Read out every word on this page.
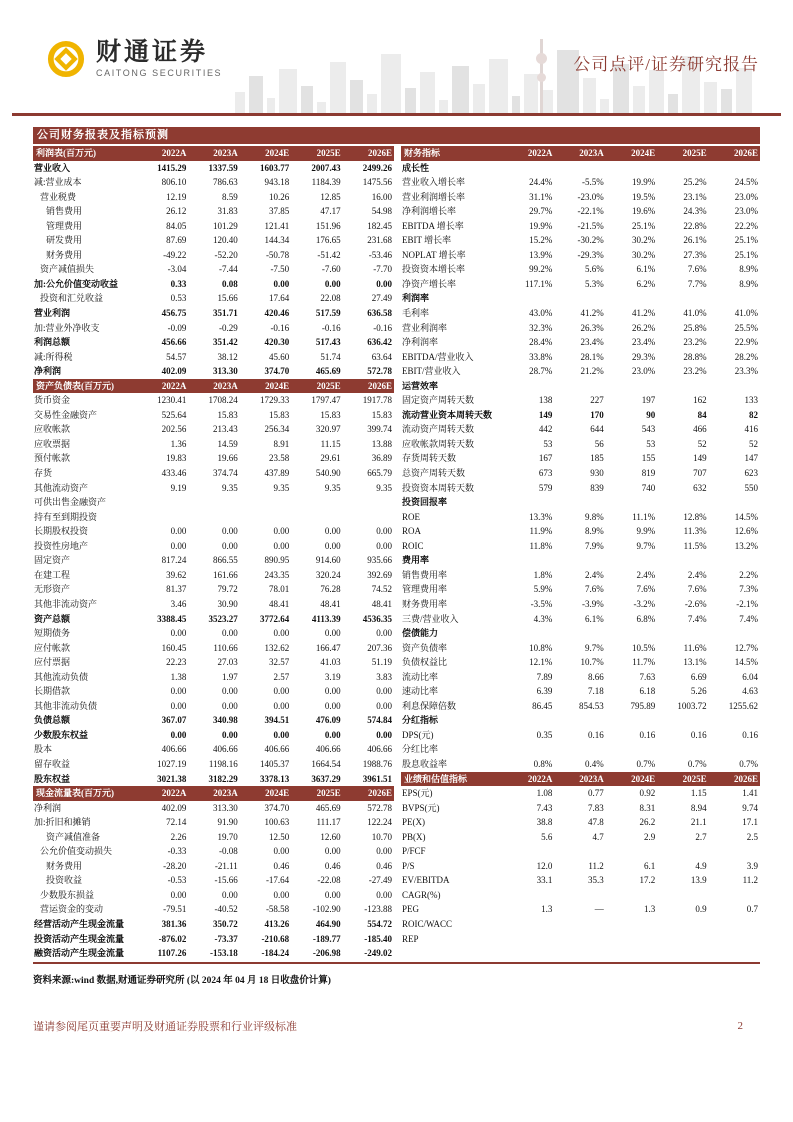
财通证券
CAITONG SECURITIES	公司点评/证券研究报告
公司财务报表及指标预测
利润表(百万元)	2022A	2023A	2024E	2025E	2026E
营业收入	1415.29	1337.59	1603.77	2007.43	2499.26
减:营业成本	806.10	786.63	943.18	1184.39	1475.56
营业税费	12.19	8.59	10.26	12.85	16.00
销售费用	26.12	31.83	37.85	47.17	54.98
管理费用	84.05	101.29	121.41	151.96	182.45
研发费用	87.69	120.40	144.34	176.65	231.68
财务费用	-49.22	-52.20	-50.78	-51.42	-53.46
资产减值损失	-3.04	-7.44	-7.50	-7.60	-7.70
加:公允价值变动收益	0.33	0.08	0.00	0.00	0.00
投资和汇兑收益	0.53	15.66	17.64	22.08	27.49
营业利润	456.75	351.71	420.46	517.59	636.58
加:营业外净收支	-0.09	-0.29	-0.16	-0.16	-0.16
利润总额	456.66	351.42	420.30	517.43	636.42
减:所得税	54.57	38.12	45.60	51.74	63.64
净利润	402.09	313.30	374.70	465.69	572.78
资产负债表(百万元)	2022A	2023A	2024E	2025E	2026E
货币资金	1230.41	1708.24	1729.33	1797.47	1917.78
交易性金融资产	525.64	15.83	15.83	15.83	15.83
应收帐款	202.56	213.43	256.34	320.97	399.74
应收票据	1.36	14.59	8.91	11.15	13.88
预付帐款	19.83	19.66	23.58	29.61	36.89
存货	433.46	374.74	437.89	540.90	665.79
其他流动资产	9.19	9.35	9.35	9.35	9.35
可供出售金融资产
持有至到期投资
长期股权投资	0.00	0.00	0.00	0.00	0.00
投资性房地产	0.00	0.00	0.00	0.00	0.00
固定资产	817.24	866.55	890.95	914.60	935.66
在建工程	39.62	161.66	243.35	320.24	392.69
无形资产	81.37	79.72	78.01	76.28	74.52
其他非流动资产	3.46	30.90	48.41	48.41	48.41
资产总额	3388.45	3523.27	3772.64	4113.39	4536.35
短期债务	0.00	0.00	0.00	0.00	0.00
应付帐款	160.45	110.66	132.62	166.47	207.36
应付票据	22.23	27.03	32.57	41.03	51.19
其他流动负债	1.38	1.97	2.57	3.19	3.83
长期借款	0.00	0.00	0.00	0.00	0.00
其他非流动负债	0.00	0.00	0.00	0.00	0.00
负债总额	367.07	340.98	394.51	476.09	574.84
少数股东权益	0.00	0.00	0.00	0.00	0.00
股本	406.66	406.66	406.66	406.66	406.66
留存收益	1027.19	1198.16	1405.37	1664.54	1988.76
股东权益	3021.38	3182.29	3378.13	3637.29	3961.51
现金流量表(百万元)	2022A	2023A	2024E	2025E	2026E
净利润	402.09	313.30	374.70	465.69	572.78
加:折旧和摊销	72.14	91.90	100.63	111.17	122.24
资产减值准备	2.26	19.70	12.50	12.60	10.70
公允价值变动损失	-0.33	-0.08	0.00	0.00	0.00
财务费用	-28.20	-21.11	0.46	0.46	0.46
投资收益	-0.53	-15.66	-17.64	-22.08	-27.49
少数股东损益	0.00	0.00	0.00	0.00	0.00
营运资金的变动	-79.51	-40.52	-58.58	-102.90	-123.88
经营活动产生现金流量	381.36	350.72	413.26	464.90	554.72
投资活动产生现金流量	-876.02	-73.37	-210.68	-189.77	-185.40
融资活动产生现金流量	1107.26	-153.18	-184.24	-206.98	-249.02
财务指标	2022A	2023A	2024E	2025E	2026E
成长性
营业收入增长率	24.4%	-5.5%	19.9%	25.2%	24.5%
营业利润增长率	31.1%	-23.0%	19.5%	23.1%	23.0%
净利润增长率	29.7%	-22.1%	19.6%	24.3%	23.0%
EBITDA 增长率	19.9%	-21.5%	25.1%	22.8%	22.2%
EBIT 增长率	15.2%	-30.2%	30.2%	26.1%	25.1%
NOPLAT 增长率	13.9%	-29.3%	30.2%	27.3%	25.1%
投资资本增长率	99.2%	5.6%	6.1%	7.6%	8.9%
净资产增长率	117.1%	5.3%	6.2%	7.7%	8.9%
利润率
毛利率	43.0%	41.2%	41.2%	41.0%	41.0%
营业利润率	32.3%	26.3%	26.2%	25.8%	25.5%
净利润率	28.4%	23.4%	23.4%	23.2%	22.9%
EBITDA/营业收入	33.8%	28.1%	29.3%	28.8%	28.2%
EBIT/营业收入	28.7%	21.2%	23.0%	23.2%	23.3%
运营效率
固定资产周转天数	138	227	197	162	133
流动营业资本周转天数	149	170	90	84	82
流动资产周转天数	442	644	543	466	416
应收帐款周转天数	53	56	53	52	52
存货周转天数	167	185	155	149	147
总资产周转天数	673	930	819	707	623
投资资本周转天数	579	839	740	632	550
投资回报率
ROE	13.3%	9.8%	11.1%	12.8%	14.5%
ROA	11.9%	8.9%	9.9%	11.3%	12.6%
ROIC	11.8%	7.9%	9.7%	11.5%	13.2%
费用率
销售费用率	1.8%	2.4%	2.4%	2.4%	2.2%
管理费用率	5.9%	7.6%	7.6%	7.6%	7.3%
财务费用率	-3.5%	-3.9%	-3.2%	-2.6%	-2.1%
三费/营业收入	4.3%	6.1%	6.8%	7.4%	7.4%
偿债能力
资产负债率	10.8%	9.7%	10.5%	11.6%	12.7%
负债权益比	12.1%	10.7%	11.7%	13.1%	14.5%
流动比率	7.89	8.66	7.63	6.69	6.04
速动比率	6.39	7.18	6.18	5.26	4.63
利息保障倍数	86.45	854.53	795.89	1003.72	1255.62
分红指标
DPS(元)	0.35	0.16	0.16	0.16	0.16
分红比率
股息收益率	0.8%	0.4%	0.7%	0.7%	0.7%
业绩和估值指标	2022A	2023A	2024E	2025E	2026E
EPS(元)	1.08	0.77	0.92	1.15	1.41
BVPS(元)	7.43	7.83	8.31	8.94	9.74
PE(X)	38.8	47.8	26.2	21.1	17.1
PB(X)	5.6	4.7	2.9	2.7	2.5
P/FCF
P/S	12.0	11.2	6.1	4.9	3.9
EV/EBITDA	33.1	35.3	17.2	13.9	11.2
CAGR(%)
PEG	1.3	—	1.3	0.9	0.7
ROIC/WACC
REP
资料来源:wind 数据,财通证券研究所 (以 2024 年 04 月 18 日收盘价计算)
谨请参阅尾页重要声明及财通证券股票和行业评级标准	2
